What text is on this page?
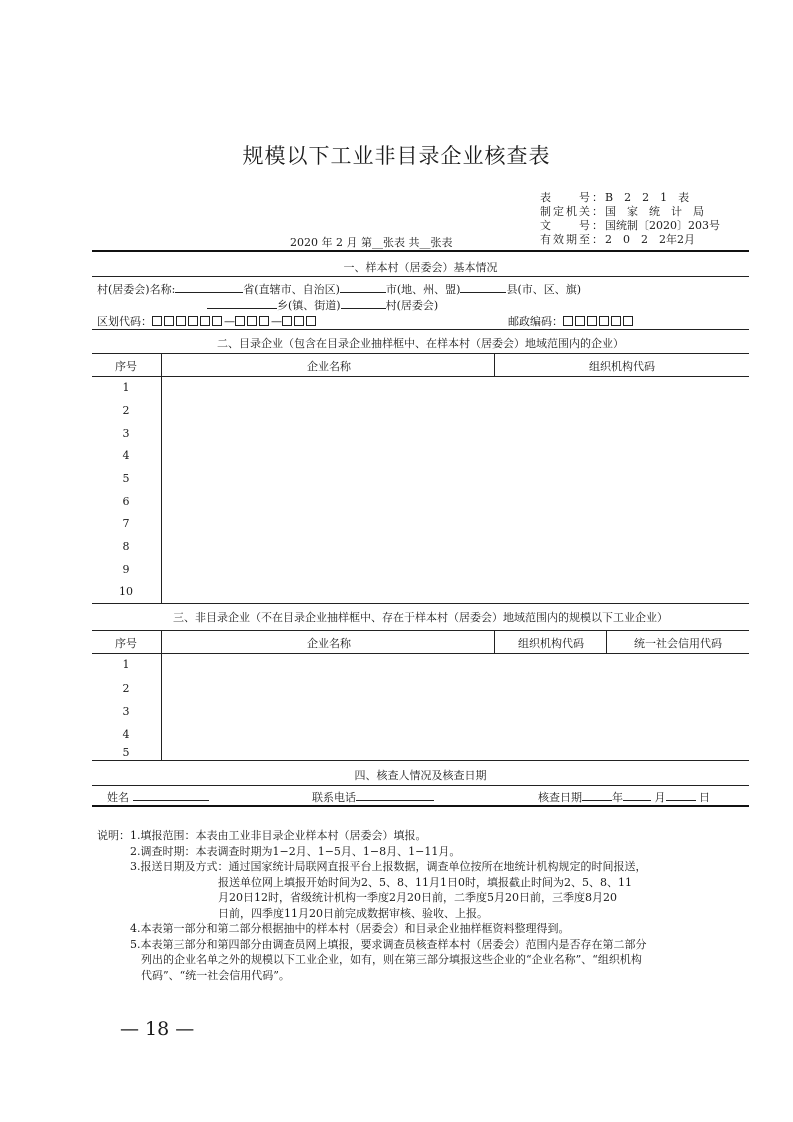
规模以下工业非目录企业核查表
表　　号： B　2　2　1　表
制定机关： 国　家　统　计　局
文　　号： 国统制〔2020〕203号
有效期至： 2　0　2　2年2月
2020 年 2 月 第__张表 共__张表
一、样本村（居委会）基本情况
村(居委会)名称:	省(直辖市、自治区)	市(地、州、盟)	县(市、区、旗)
乡(镇、街道)	村(居委会)
区划代码：	—	—	邮政编码：
二、目录企业（包含在目录企业抽样框中、在样本村（居委会）地域范围内的企业）
序号	企业名称	组织机构代码
1
2
3
4
5
6
7
8
9
10
三、非目录企业（不在目录企业抽样框中、存在于样本村（居委会）地域范围内的规模以下工业企业）
序号	企业名称	组织机构代码	统一社会信用代码
1
2
3
4
5
四、核查人情况及核查日期
姓名	联系电话	核查日期	年	月	日
说明：1.填报范围：本表由工业非目录企业样本村（居委会）填报。
　　　2.调查时期：本表调查时期为1−2月、1−5月、1−8月、1−11月。
　　　3.报送日期及方式：通过国家统计局联网直报平台上报数据，调查单位按所在地统计机构规定的时间报送，
　　　　　　　　　　　报送单位网上填报开始时间为2、5、8、11月1日0时，填报截止时间为2、5、8、11
　　　　　　　　　　　月20日12时，省级统计机构一季度2月20日前，二季度5月20日前，三季度8月20
　　　　　　　　　　　日前，四季度11月20日前完成数据审核、验收、上报。
　　　4.本表第一部分和第二部分根据抽中的样本村（居委会）和目录企业抽样框资料整理得到。
　　　5.本表第三部分和第四部分由调查员网上填报，要求调查员核查样本村（居委会）范围内是否存在第二部分
　　　　列出的企业名单之外的规模以下工业企业，如有，则在第三部分填报这些企业的“企业名称”、“组织机构
　　　　代码”、“统一社会信用代码”。
— 18 —
